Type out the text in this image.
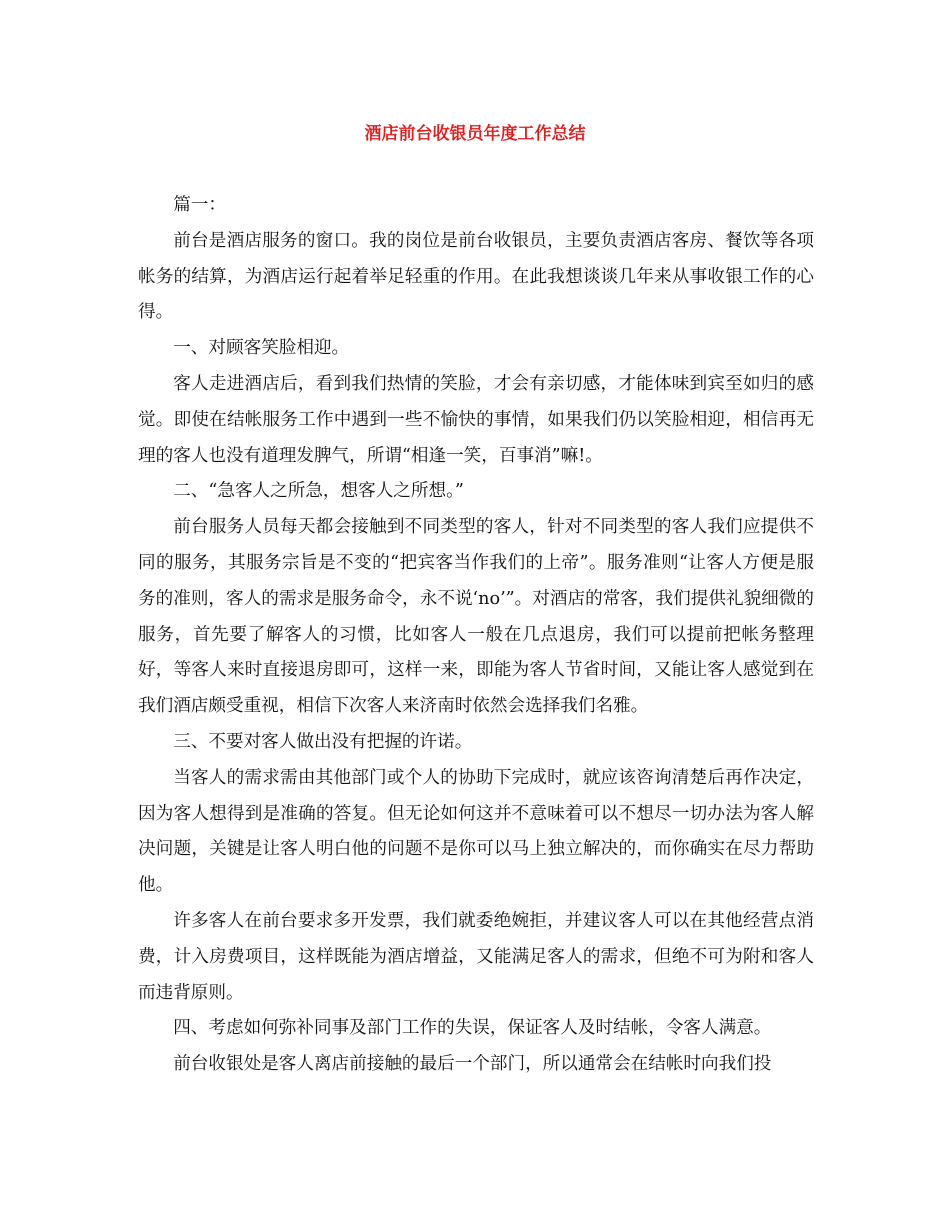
酒店前台收银员年度工作总结

篇一：

前台是酒店服务的窗口。我的岗位是前台收银员，主要负责酒店客房、餐饮等各项帐务的结算，为酒店运行起着举足轻重的作用。在此我想谈谈几年来从事收银工作的心得。

一、对顾客笑脸相迎。

客人走进酒店后，看到我们热情的笑脸，才会有亲切感，才能体味到宾至如归的感觉。即使在结帐服务工作中遇到一些不愉快的事情，如果我们仍以笑脸相迎，相信再无理的客人也没有道理发脾气，所谓“相逢一笑，百事消”嘛!。

二、“急客人之所急，想客人之所想。”

前台服务人员每天都会接触到不同类型的客人，针对不同类型的客人我们应提供不同的服务，其服务宗旨是不变的“把宾客当作我们的上帝”。服务准则“让客人方便是服务的准则，客人的需求是服务命令，永不说‘no’”。对酒店的常客，我们提供礼貌细微的服务，首先要了解客人的习惯，比如客人一般在几点退房，我们可以提前把帐务整理好，等客人来时直接退房即可，这样一来，即能为客人节省时间，又能让客人感觉到在我们酒店颇受重视，相信下次客人来济南时依然会选择我们名雅。

三、不要对客人做出没有把握的许诺。

当客人的需求需由其他部门或个人的协助下完成时，就应该咨询清楚后再作决定，因为客人想得到是准确的答复。但无论如何这并不意味着可以不想尽一切办法为客人解决问题，关键是让客人明白他的问题不是你可以马上独立解决的，而你确实在尽力帮助他。

许多客人在前台要求多开发票，我们就委绝婉拒，并建议客人可以在其他经营点消费，计入房费项目，这样既能为酒店增益，又能满足客人的需求，但绝不可为附和客人而违背原则。

四、考虑如何弥补同事及部门工作的失误，保证客人及时结帐，令客人满意。

前台收银处是客人离店前接触的最后一个部门，所以通常会在结帐时向我们投
